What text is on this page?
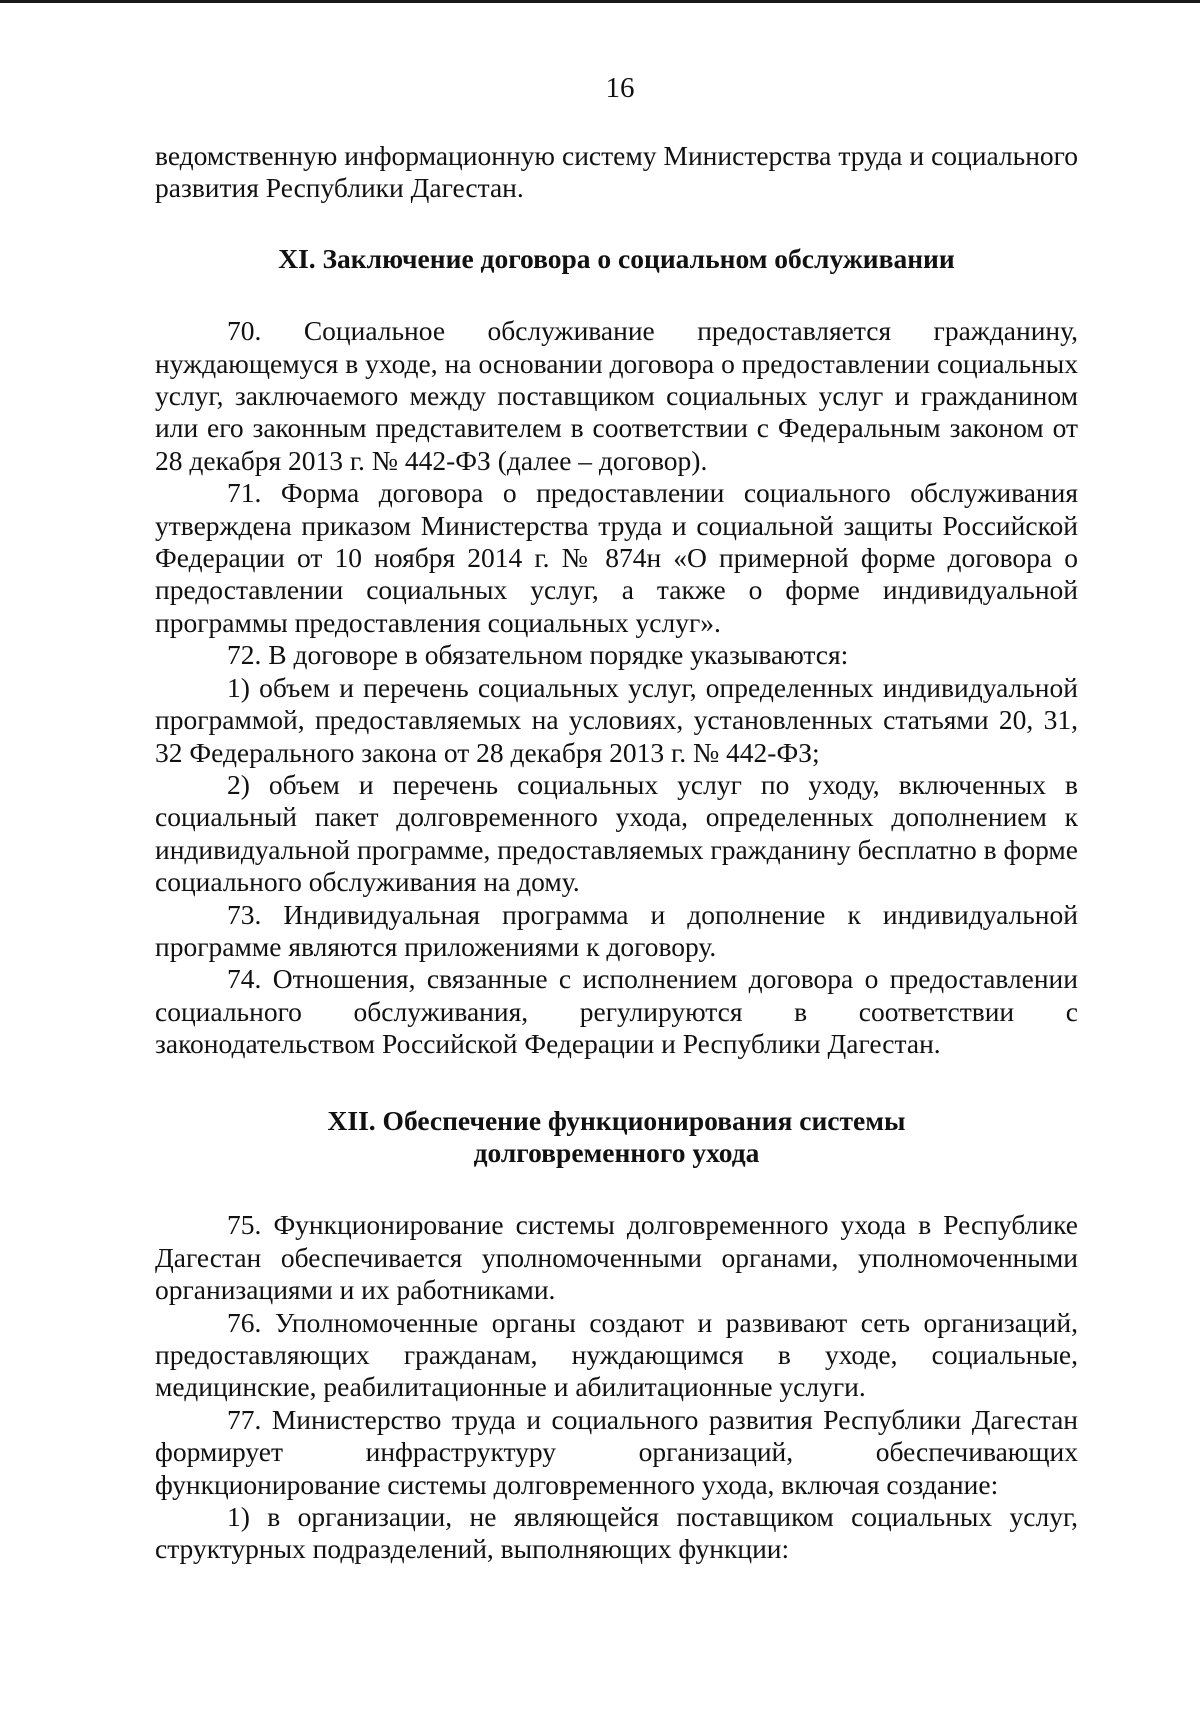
16

ведомственную информационную систему Министерства труда и социального развития Республики Дагестан.

XI. Заключение договора о социальном обслуживании

70. Социальное обслуживание предоставляется гражданину, нуждающемуся в уходе, на основании договора о предоставлении социальных услуг, заключаемого между поставщиком социальных услуг и гражданином или его законным представителем в соответствии с Федеральным законом от 28 декабря 2013 г. № 442-ФЗ (далее – договор).

71. Форма договора о предоставлении социального обслуживания утверждена приказом Министерства труда и социальной защиты Российской Федерации от 10 ноября 2014 г. № 874н «О примерной форме договора о предоставлении социальных услуг, а также о форме индивидуальной программы предоставления социальных услуг».

72. В договоре в обязательном порядке указываются:

1) объем и перечень социальных услуг, определенных индивидуальной программой, предоставляемых на условиях, установленных статьями 20, 31, 32 Федерального закона от 28 декабря 2013 г. № 442-ФЗ;

2) объем и перечень социальных услуг по уходу, включенных в социальный пакет долговременного ухода, определенных дополнением к индивидуальной программе, предоставляемых гражданину бесплатно в форме социального обслуживания на дому.

73. Индивидуальная программа и дополнение к индивидуальной программе являются приложениями к договору.

74. Отношения, связанные с исполнением договора о предоставлении социального обслуживания, регулируются в соответствии с законодательством Российской Федерации и Республики Дагестан.

XII. Обеспечение функционирования системы
долговременного ухода

75. Функционирование системы долговременного ухода в Республике Дагестан обеспечивается уполномоченными органами, уполномоченными организациями и их работниками.

76. Уполномоченные органы создают и развивают сеть организаций, предоставляющих гражданам, нуждающимся в уходе, социальные, медицинские, реабилитационные и абилитационные услуги.

77. Министерство труда и социального развития Республики Дагестан формирует инфраструктуру организаций, обеспечивающих функционирование системы долговременного ухода, включая создание:

1) в организации, не являющейся поставщиком социальных услуг, структурных подразделений, выполняющих функции:
